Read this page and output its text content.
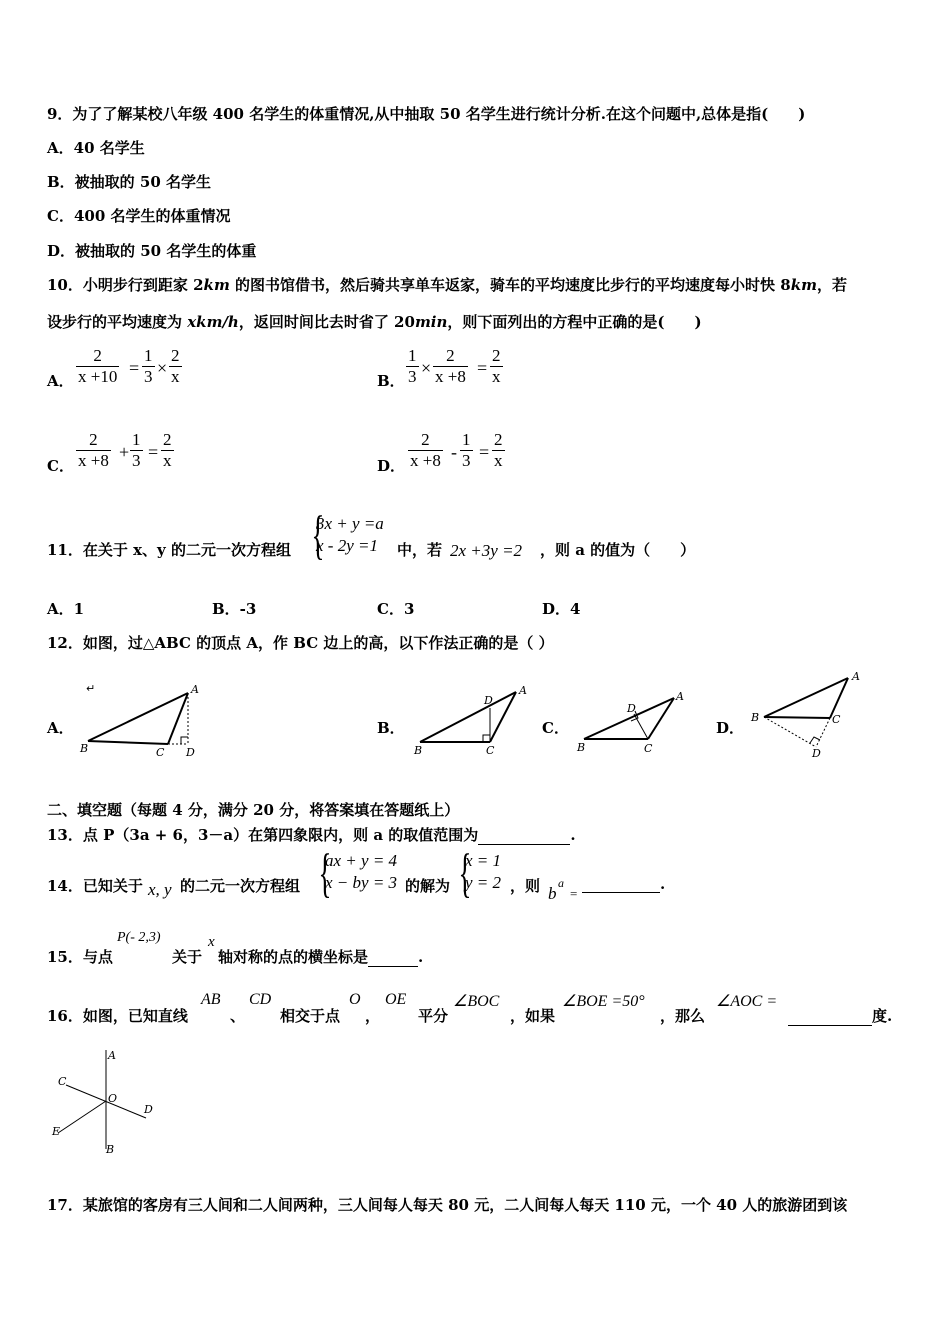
9．为了了解某校八年级 400 名学生的体重情况,从中抽取 50 名学生进行统计分析.在这个问题中,总体是指(　　)
A．40 名学生
B．被抽取的 50 名学生
C．400 名学生的体重情况
D．被抽取的 50 名学生的体重
10．小明步行到距家 2km 的图书馆借书，然后骑共享单车返家，骑车的平均速度比步行的平均速度每小时快 8km，若
设步行的平均速度为 xkm/h，返回时间比去时省了 20min，则下面列出的方程中正确的是(　　)
A． $\frac{2}{x +10} = \frac{1}{3} \times \frac{2}{x}$	B． $\frac{1}{3} \times \frac{2}{x +8} = \frac{2}{x}$
C． $\frac{2}{x +8} + \frac{1}{3} = \frac{2}{x}$	D． $\frac{2}{x +8} - \frac{1}{3} = \frac{2}{x}$
11．在关于 x、y 的二元一次方程组 {
3x + y =a
x - 2y =1	中，若 2x +3y =2 ，则 a 的值为（　　）
A．1	B．-3	C．3	D．4
12．如图，过△ABC 的顶点 A，作 BC 边上的高，以下作法正确的是（ ）
A．	B．	C．	D．
↵	A
B	C D
A
B	C
D	A
B	C
D
A
B	C
D
二、填空题（每题 4 分，满分 20 分，将答案填在答题纸上）
13．点 P（3a + 6，3－a）在第四象限内，则 a 的取值范围为	.
14．已知关于 x, y 的二元一次方程组 {
ax + y = 4
x − by = 3 的解为 {
x = 1
y = 2 ，则 b
a
=
.
15．与点
P(- 2,3)
关于
x
轴对称的点的横坐标是	.
16．如图，已知直线
AB
、
CD
相交于点
O
，
OE
平分
∠BOC
，如果
∠BOE =50°
，那么
∠AOC =
度.
A
B
C
D
E
O
17．某旅馆的客房有三人间和二人间两种，三人间每人每天 80 元，二人间每人每天 110 元，一个 40 人的旅游团到该
